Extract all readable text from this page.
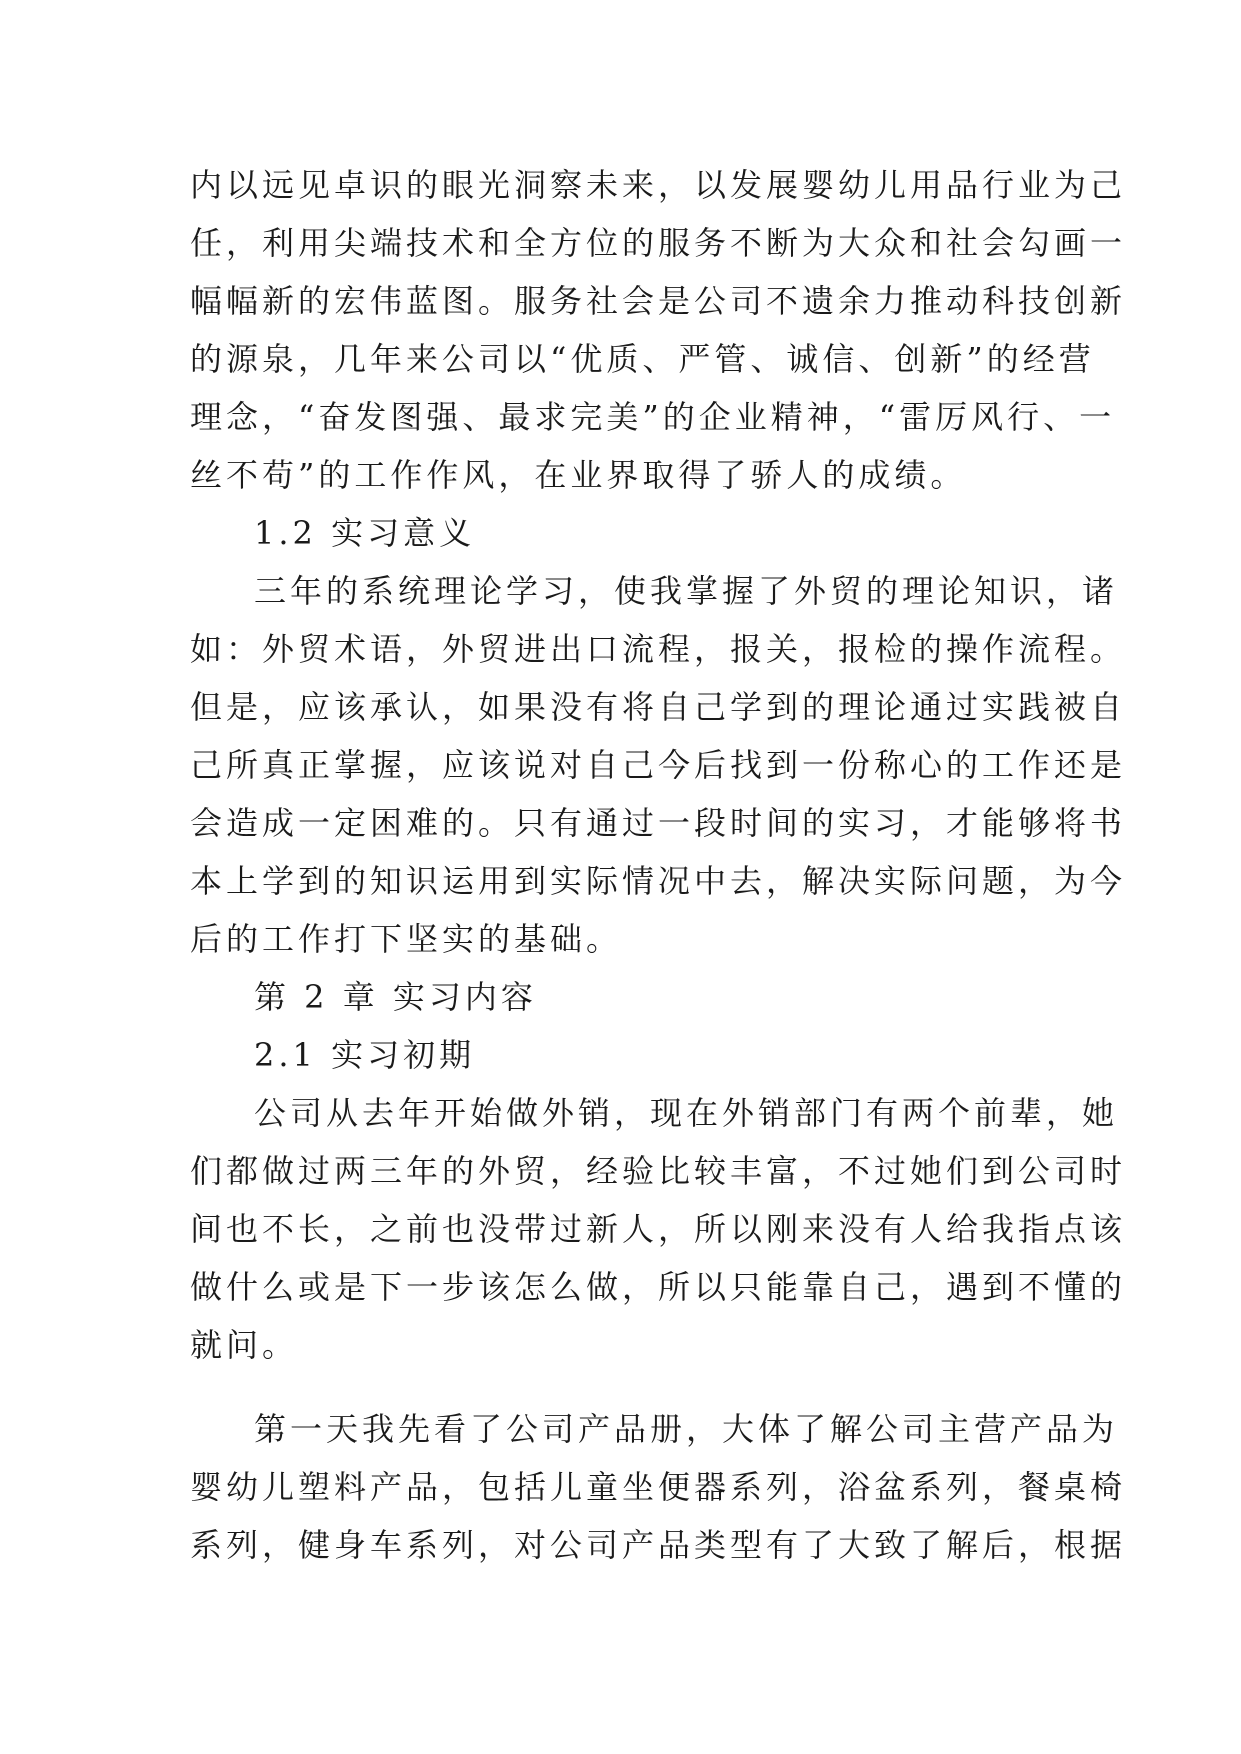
内以远见卓识的眼光洞察未来，以发展婴幼儿用品行业为己
任，利用尖端技术和全方位的服务不断为大众和社会勾画一
幅幅新的宏伟蓝图。服务社会是公司不遗余力推动科技创新
的源泉，几年来公司以“优质、严管、诚信、创新”的经营
理念，“奋发图强、最求完美”的企业精神，“雷厉风行、一
丝不苟”的工作作风，在业界取得了骄人的成绩。
1.2 实习意义
三年的系统理论学习，使我掌握了外贸的理论知识，诸
如：外贸术语，外贸进出口流程，报关，报检的操作流程。
但是，应该承认，如果没有将自己学到的理论通过实践被自
己所真正掌握，应该说对自己今后找到一份称心的工作还是
会造成一定困难的。只有通过一段时间的实习，才能够将书
本上学到的知识运用到实际情况中去，解决实际问题，为今
后的工作打下坚实的基础。
第 2 章 实习内容
2.1 实习初期
公司从去年开始做外销，现在外销部门有两个前辈，她
们都做过两三年的外贸，经验比较丰富，不过她们到公司时
间也不长，之前也没带过新人，所以刚来没有人给我指点该
做什么或是下一步该怎么做，所以只能靠自己，遇到不懂的
就问。
第一天我先看了公司产品册，大体了解公司主营产品为
婴幼儿塑料产品，包括儿童坐便器系列，浴盆系列，餐桌椅
系列，健身车系列，对公司产品类型有了大致了解后，根据
